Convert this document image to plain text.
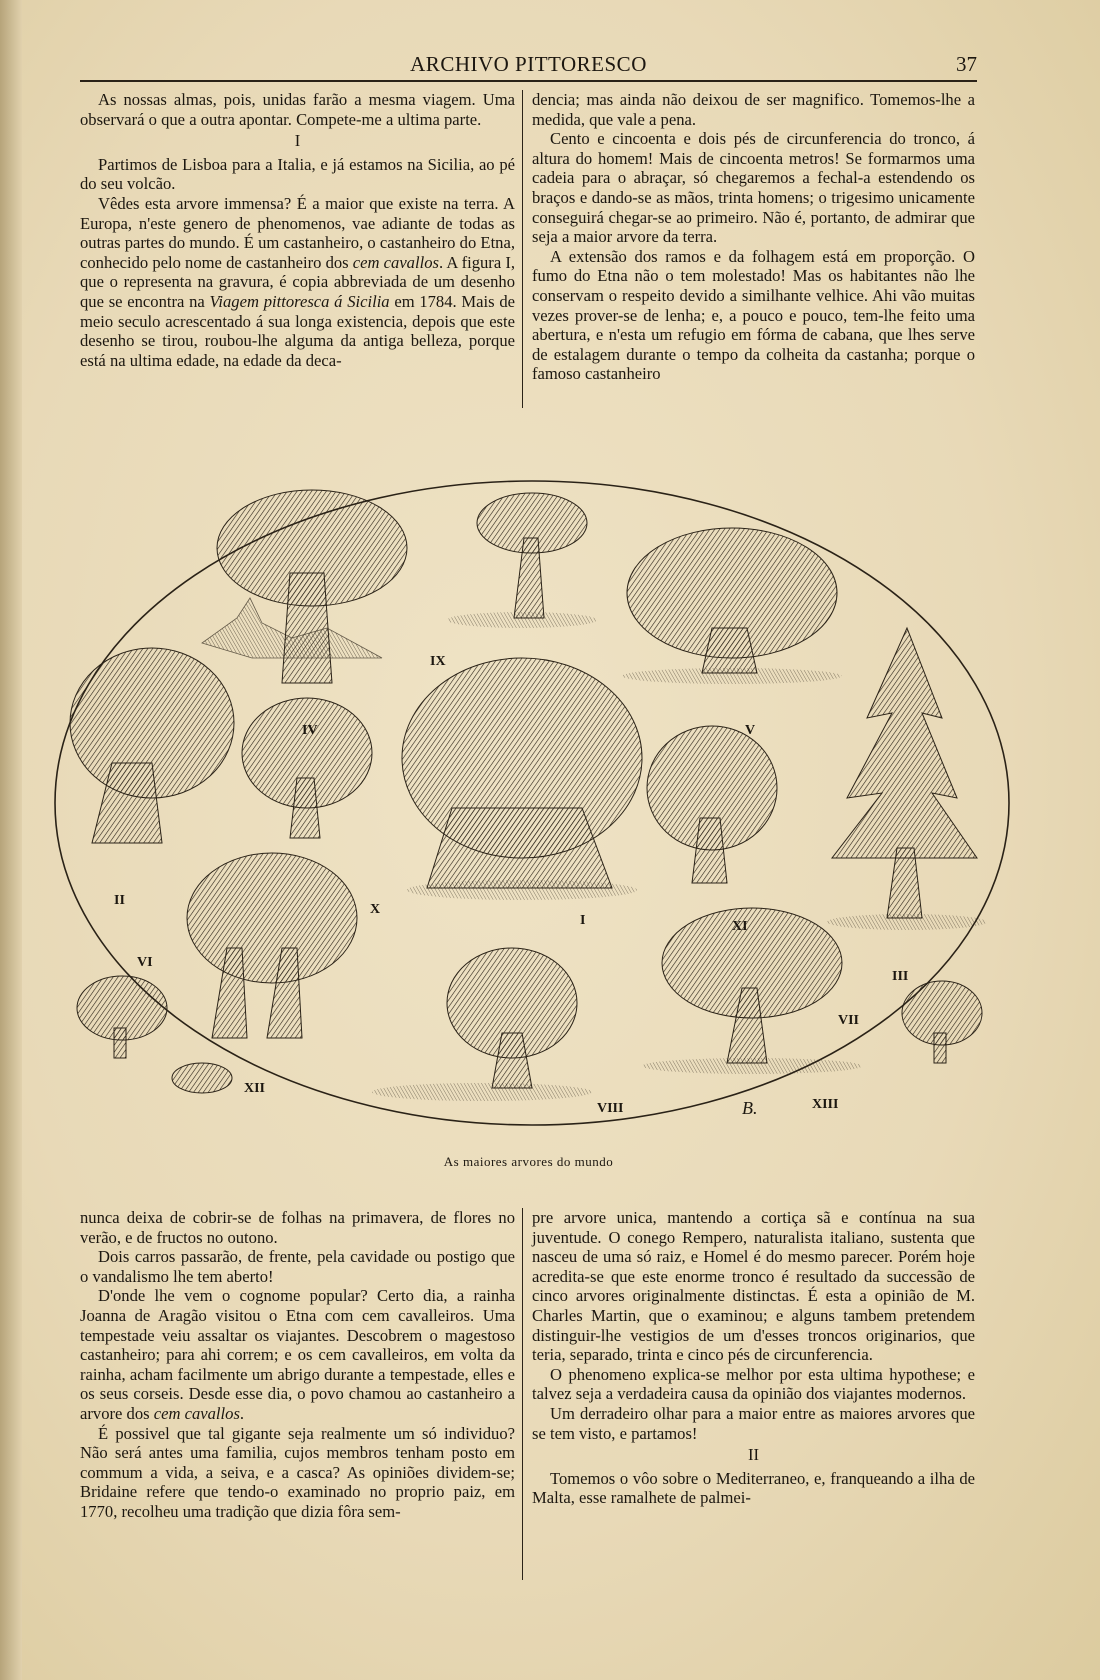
ARCHIVO PITTORESCO	37

As nossas almas, pois, unidas farão a mesma viagem. Uma observará o que a outra apontar. Compete-me a ultima parte.

I

Partimos de Lisboa para a Italia, e já estamos na Sicilia, ao pé do seu volcão.

Vêdes esta arvore immensa? É a maior que existe na terra. A Europa, n'este genero de phenomenos, vae adiante de todas as outras partes do mundo. É um castanheiro, o castanheiro do Etna, conhecido pelo nome de castanheiro dos cem cavallos. A figura I, que o representa na gravura, é copia abbreviada de um desenho que se encontra na Viagem pittoresca á Sicilia em 1784. Mais de meio seculo acrescentado á sua longa existencia, depois que este desenho se tirou, roubou-lhe alguma da antiga belleza, porque está na ultima edade, na edade da deca-

dencia; mas ainda não deixou de ser magnifico. Tomemos-lhe a medida, que vale a pena.

Cento e cincoenta e dois pés de circunferencia do tronco, á altura do homem! Mais de cincoenta metros! Se formarmos uma cadeia para o abraçar, só chegaremos a fechal-a estendendo os braços e dando-se as mãos, trinta homens; o trigesimo unicamente conseguirá chegar-se ao primeiro. Não é, portanto, de admirar que seja a maior arvore da terra.

A extensão dos ramos e da folhagem está em proporção. O fumo do Etna não o tem molestado! Mas os habitantes não lhe conservam o respeito devido a similhante velhice. Ahi vão muitas vezes prover-se de lenha; e, a pouco e pouco, tem-lhe feito uma abertura, e n'esta um refugio em fórma de cabana, que lhes serve de estalagem durante o tempo da colheita da castanha; porque o famoso castanheiro

I
II
III
IV	V
VI
VII
VIII
IX
X
XI
XII
XIII
B.
As maiores arvores do mundo

nunca deixa de cobrir-se de folhas na primavera, de flores no verão, e de fructos no outono.

Dois carros passarão, de frente, pela cavidade ou postigo que o vandalismo lhe tem aberto!

D'onde lhe vem o cognome popular? Certo dia, a rainha Joanna de Aragão visitou o Etna com cem cavalleiros. Uma tempestade veiu assaltar os viajantes. Descobrem o magestoso castanheiro; para ahi correm; e os cem cavalleiros, em volta da rainha, acham facilmente um abrigo durante a tempestade, elles e os seus corseis. Desde esse dia, o povo chamou ao castanheiro a arvore dos cem cavallos.

É possivel que tal gigante seja realmente um só individuo? Não será antes uma familia, cujos membros tenham posto em commum a vida, a seiva, e a casca? As opiniões dividem-se; Bridaine refere que tendo-o examinado no proprio paiz, em 1770, recolheu uma tradição que dizia fôra sem-

pre arvore unica, mantendo a cortiça sã e contínua na sua juventude. O conego Rempero, naturalista italiano, sustenta que nasceu de uma só raiz, e Homel é do mesmo parecer. Porém hoje acredita-se que este enorme tronco é resultado da successão de cinco arvores originalmente distinctas. É esta a opinião de M. Charles Martin, que o examinou; e alguns tambem pretendem distinguir-lhe vestigios de um d'esses troncos originarios, que teria, separado, trinta e cinco pés de circunferencia.

O phenomeno explica-se melhor por esta ultima hypothese; e talvez seja a verdadeira causa da opinião dos viajantes modernos.

Um derradeiro olhar para a maior entre as maiores arvores que se tem visto, e partamos!

II

Tomemos o vôo sobre o Mediterraneo, e, franqueando a ilha de Malta, esse ramalhete de palmei-
